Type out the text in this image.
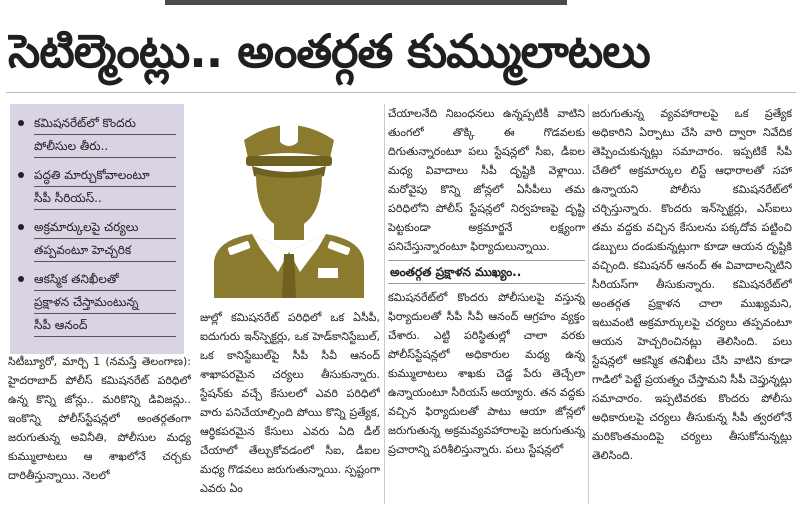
సెటిల్మెంట్లు.. అంతర్గత కుమ్ములాటలు
కమిషనరేట్‌లో కొందరు
పోలీసుల తీరు..
పద్ధతి మార్చుకోవాలంటూ
సీపీ సీరియస్‌..
అక్రమార్కులపై చర్యలు
తప్పవంటూ హెచ్చరిక
ఆకస్మిక తనిఖీలతో
ప్రక్షాళన చేస్తామంటున్న
సీపీ ఆనంద్‌

సిటీబ్యూరో, మార్చి 1 (నమస్తే తెలంగాణ): హైదరాబాద్‌ పోలీస్‌ కమిషనరేట్‌ పరిధిలో ఉన్న కొన్ని జోన్లు.. మరికొన్ని డివిజన్లు.. ఇంకొన్ని పోలీస్‌స్టేషన్లలో అంతర్గతంగా జరుగుతున్న అవినీతి, పోలీసుల మధ్య కుమ్ములాటలు ఆ శాఖలోనే చర్చకు దారితీస్తున్నాయి. నెలలో

జుల్లో కమిషనరేట్‌ పరిధిలో ఒక ఏసీపీ, ఐదుగురు ఇన్‌స్పెక్టర్లు, ఒక హెడ్‌కానిస్టేబుల్‌, ఒక కానిస్టేబుల్‌పై సీపీ సీవీ ఆనంద్‌ శాఖాపరమైన చర్యలు తీసుకున్నారు. స్టేషన్‌కు వచ్చే కేసులలో ఎవరి పరిధిలో వారు పనిచేయాల్సింది పోయి కొన్ని ప్రత్యేక, ఆర్థికపరమైన కేసులు ఎవరు ఏది డీల్‌ చేయాలో తేల్చుకోవడంలో సీఐ, డీఐల మధ్య గొడవలు జరుగుతున్నాయి. స్పష్టంగా ఎవరు ఏం

చేయాలనేది నిబంధనలు ఉన్నప్పటికీ వాటిని తుంగలో తొక్కి ఈ గొడవలకు దిగుతున్నారంటూ పలు స్టేషన్లలో సీఐ, డీఐల మధ్య వివాదాలు సీపీ దృష్టికి వెళ్లాయి. మరోవైపు కొన్ని జోన్లలో ఏసీపీలు తమ పరిధిలోని పోలీస్‌ స్టేషన్లలో నిర్వహణపై దృష్టి పెట్టకుండా అక్రమార్జనే లక్ష్యంగా పనిచేస్తున్నారంటూ ఫిర్యాదులున్నాయి.

అంతర్గత ప్రక్షాళన ముఖ్యం..

కమిషనరేట్‌లో కొందరు పోలీసులపై వస్తున్న ఫిర్యాదులతో సీపీ సీవీ ఆనంద్‌ ఆగ్రహం వ్యక్తం చేశారు. ఎట్టి పరిస్థితుల్లో చాలా వరకు పోలీస్‌స్టేషన్లలో అధికారుల మధ్య ఉన్న కుమ్ములాటలు శాఖకు చెడ్డ పేరు తెచ్చేలా ఉన్నాయంటూ సీరియస్‌ అయ్యారు. తన వద్దకు వచ్చిన ఫిర్యాదులతో పాటు ఆయా జోన్లలో జరుగుతున్న అక్రమవ్యవహారాలపై జరుగుతున్న ప్రచారాన్ని పరిశీలిస్తున్నారు. పలు స్టేషన్లలో

జరుగుతున్న వ్యవహారాలపై ఒక ప్రత్యేక అధికారిని ఏర్పాటు చేసి వారి ద్వారా నివేదిక తెప్పించుకున్నట్లు సమాచారం. ఇప్పటికే సీపీ చేతిలో అక్రమార్కుల లిస్ట్‌ ఆధారాలతో సహా ఉన్నాయని పోలీసు కమిషనరేట్‌లో చర్చిస్తున్నారు. కొందరు ఇన్‌స్పెక్టర్లు, ఎస్‌ఐలు తమ వద్దకు వచ్చిన కేసులను పక్కదోవ పట్టించి డబ్బులు దండుకున్నట్లుగా కూడా ఆయన దృష్టికి వచ్చింది. కమిషనర్‌ ఆనంద్‌ ఈ వివాదాలన్నిటిని సీరియస్‌గా తీసుకున్నారు. కమిషనరేట్‌లో అంతర్గత ప్రక్షాళన చాలా ముఖ్యమని, ఇటువంటి అక్రమార్కులపై చర్యలు తప్పవంటూ ఆయన హెచ్చరించినట్లు తెలిసింది. పలు స్టేషన్లలో ఆకస్మిక తనిఖీలు చేసి వాటిని కూడా గాడిలో పెట్టే ప్రయత్నం చేస్తామని సీపీ చెప్తున్నట్లు సమాచారం. ఇప్పటివరకు కొందరు పోలీసు అధికారులపై చర్యలు తీసుకున్న సీపీ త్వరలోనే మరికొంతమందిపై చర్యలు తీసుకోనున్నట్లు తెలిసింది.
